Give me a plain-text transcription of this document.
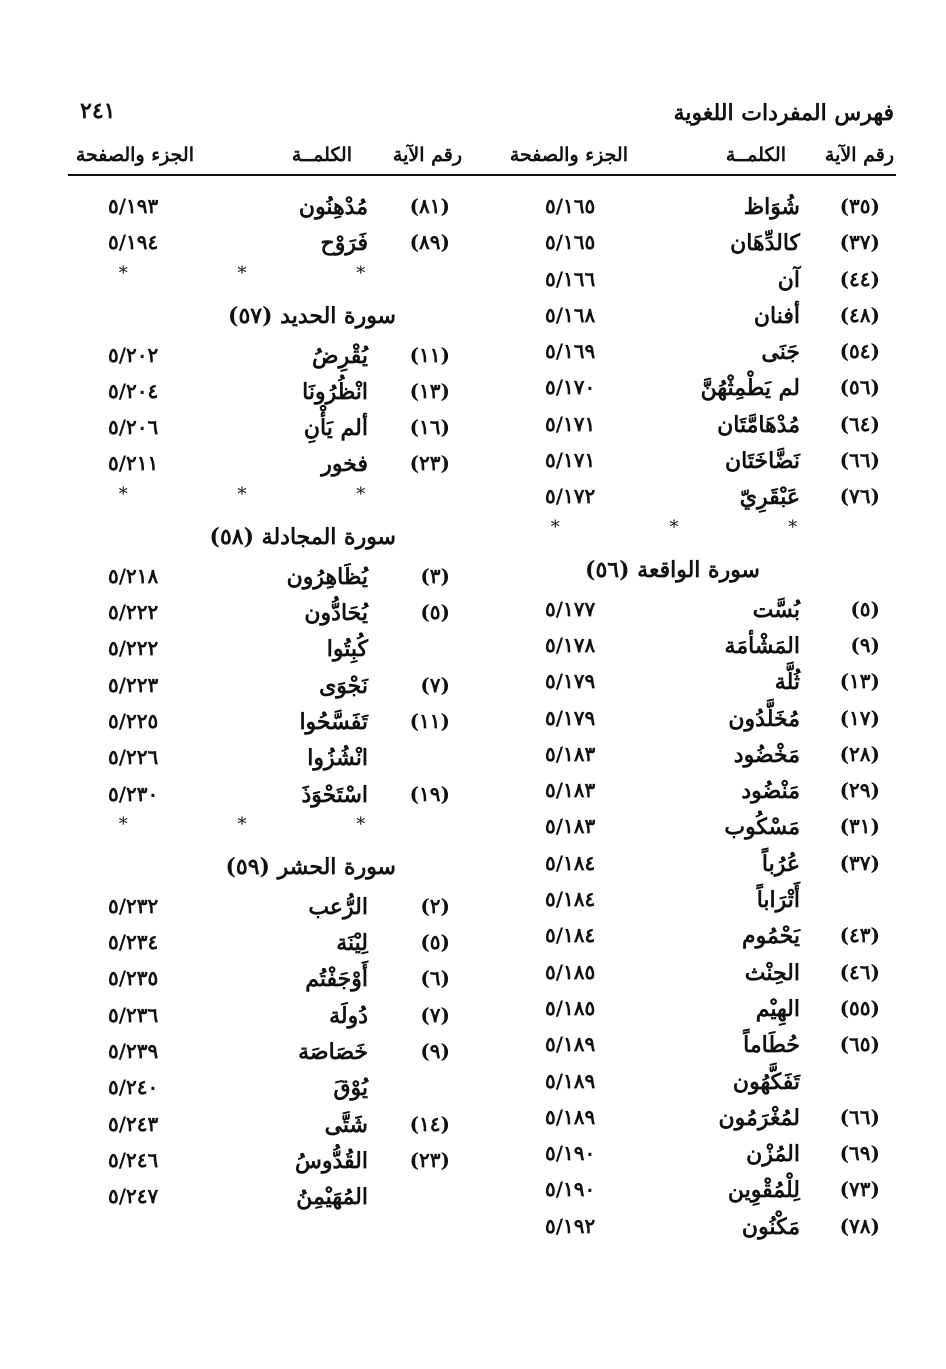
فهرس المفردات اللغوية
٢٤١
رقم الآية
الكلمــة
الجزء والصفحة
رقم الآية
الكلمــة
الجزء والصفحة
(٣٥)
شُوَاظ
٥/١٦٥
(٣٧)
كالدِّهَان
٥/١٦٥
(٤٤)
آن
٥/١٦٦
(٤٨)
أفنان
٥/١٦٨
(٥٤)
جَنَى
٥/١٦٩
(٥٦)
لم يَطْمِثْهُنَّ
٥/١٧٠
(٦٤)
مُدْهَامَّتَان
٥/١٧١
(٦٦)
نَضَّاخَتَان
٥/١٧١
(٧٦)
عَبْقَرِيّ
٥/١٧٢
* * *
سورة الواقعة (٥٦)
(٥)
بُسَّت
٥/١٧٧
(٩)
المَشْأمَة
٥/١٧٨
(١٣)
ثُلَّة
٥/١٧٩
(١٧)
مُخَلَّدُون
٥/١٧٩
(٢٨)
مَخْضُود
٥/١٨٣
(٢٩)
مَنْضُود
٥/١٨٣
(٣١)
مَسْكُوب
٥/١٨٣
(٣٧)
عُرُباً
٥/١٨٤
أَتْرَاباً
٥/١٨٤
(٤٣)
يَحْمُوم
٥/١٨٤
(٤٦)
الحِنْث
٥/١٨٥
(٥٥)
الهِيْم
٥/١٨٥
(٦٥)
حُطَاماً
٥/١٨٩
تَفَكَّهُون
٥/١٨٩
(٦٦)
لمُغْرَمُون
٥/١٨٩
(٦٩)
المُزْن
٥/١٩٠
(٧٣)
لِلْمُقْوِين
٥/١٩٠
(٧٨)
مَكْنُون
٥/١٩٢
(٨١)
مُدْهِنُون
٥/١٩٣
(٨٩)
فَرَوْح
٥/١٩٤
* * *
سورة الحديد (٥٧)
(١١)
يُقْرِضُ
٥/٢٠٢
(١٣)
انْظُرُونَا
٥/٢٠٤
(١٦)
ألم يَأْنِ
٥/٢٠٦
(٢٣)
فخور
٥/٢١١
* * *
سورة المجادلة (٥٨)
(٣)
يُظَاهِرُون
٥/٢١٨
(٥)
يُحَادُّون
٥/٢٢٢
كُبِتُوا
٥/٢٢٢
(٧)
نَجْوَى
٥/٢٢٣
(١١)
تَفَسَّحُوا
٥/٢٢٥
انْشُزُوا
٥/٢٢٦
(١٩)
اسْتَحْوَذَ
٥/٢٣٠
* * *
سورة الحشر (٥٩)
(٢)
الرُّعب
٥/٢٣٢
(٥)
لِيْنَة
٥/٢٣٤
(٦)
أَوْجَفْتُم
٥/٢٣٥
(٧)
دُولَة
٥/٢٣٦
(٩)
خَصَاصَة
٥/٢٣٩
يُوْقَ
٥/٢٤٠
(١٤)
شَتَّى
٥/٢٤٣
(٢٣)
القُدُّوسُ
٥/٢٤٦
المُهَيْمِنُ
٥/٢٤٧
